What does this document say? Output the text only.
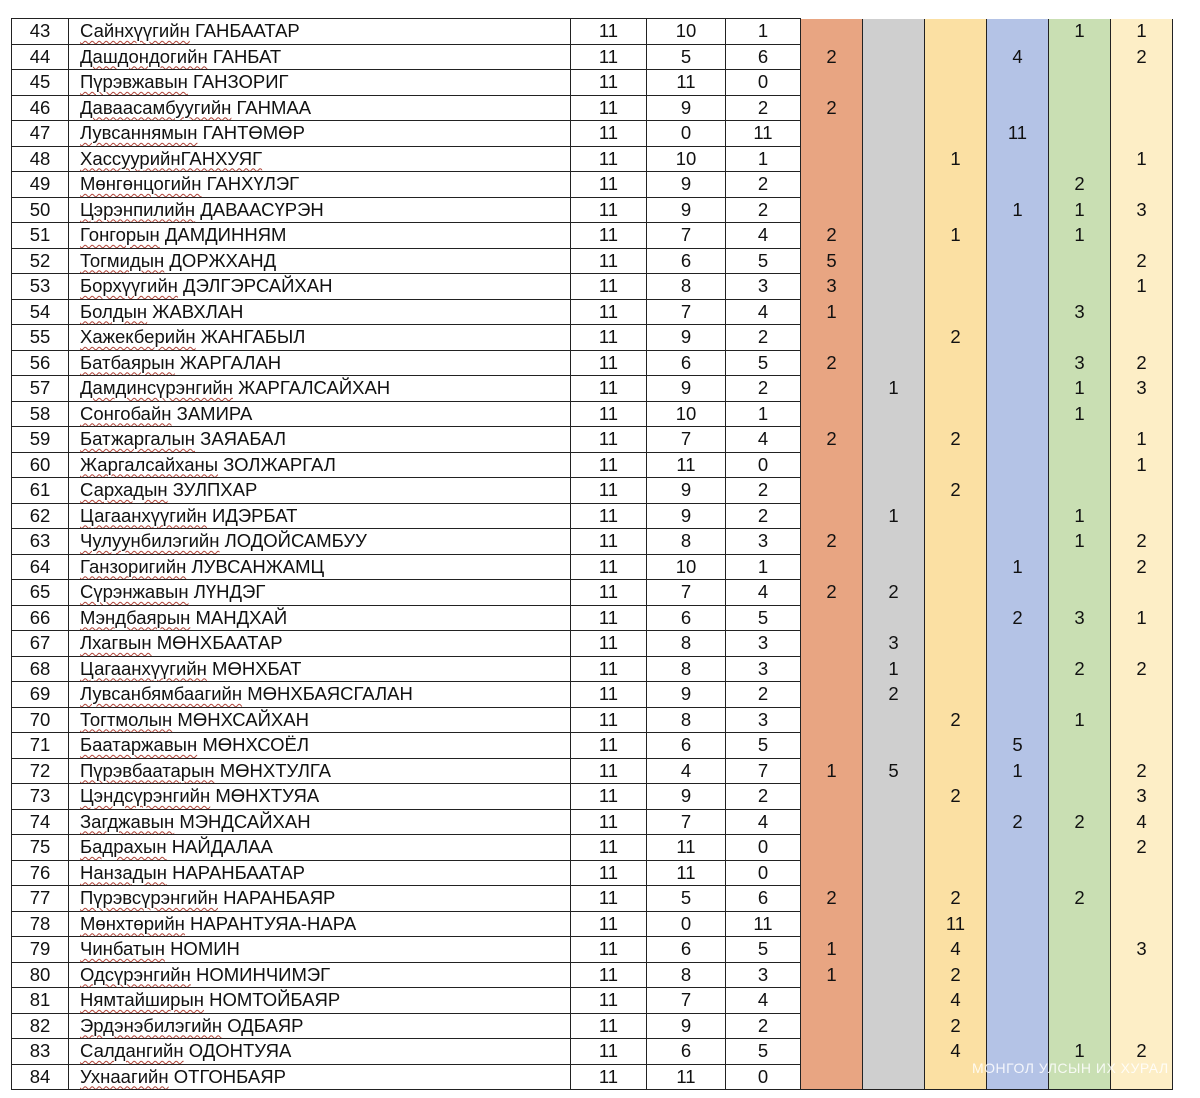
43	Сайнхүүгийн ГАНБААТАР	11	10	1					1	1
44	Дашдондогийн ГАНБАТ	11	5	6	2			4		2
45	Пүрэвжавын ГАНЗОРИГ	11	11	0						
46	Даваасамбуугийн ГАНМАА	11	9	2	2					
47	Лувсаннямын ГАНТӨМӨР	11	0	11				11		
48	ХассуурийнГАНХУЯГ	11	10	1			1			1
49	Мөнгөнцогийн ГАНХҮЛЭГ	11	9	2					2	
50	Цэрэнпилийн ДАВААСҮРЭН	11	9	2				1	1	3
51	Гонгорын ДАМДИННЯМ	11	7	4	2		1		1	
52	Тогмидын ДОРЖХАНД	11	6	5	5					2
53	Борхүүгийн ДЭЛГЭРСАЙХАН	11	8	3	3					1
54	Болдын ЖАВХЛАН	11	7	4	1				3	
55	Хажекберийн ЖАНГАБЫЛ	11	9	2			2			
56	Батбаярын ЖАРГАЛАН	11	6	5	2				3	2
57	Дамдинсүрэнгийн ЖАРГАЛСАЙХАН	11	9	2		1			1	3
58	Сонгобайн ЗАМИРА	11	10	1					1	
59	Батжаргалын ЗАЯАБАЛ	11	7	4	2		2			1
60	Жаргалсайханы ЗОЛЖАРГАЛ	11	11	0						1
61	Сархадын ЗУЛПХАР	11	9	2			2			
62	Цагаанхүүгийн ИДЭРБАТ	11	9	2		1			1	
63	Чулуунбилэгийн ЛОДОЙСАМБУУ	11	8	3	2				1	2
64	Ганзоригийн ЛУВСАНЖАМЦ	11	10	1				1		2
65	Сүрэнжавын ЛҮНДЭГ	11	7	4	2	2				
66	Мэндбаярын МАНДХАЙ	11	6	5				2	3	1
67	Лхагвын МӨНХБААТАР	11	8	3		3				
68	Цагаанхүүгийн МӨНХБАТ	11	8	3		1			2	2
69	Лувсанбямбаагийн МӨНХБАЯСГАЛАН	11	9	2		2				
70	Тогтмолын МӨНХСАЙХАН	11	8	3			2		1	
71	Баатаржавын МӨНХСОЁЛ	11	6	5				5		
72	Пүрэвбаатарын МӨНХТУЛГА	11	4	7	1	5		1		2
73	Цэндсүрэнгийн МӨНХТУЯА	11	9	2			2			3
74	Загджавын МЭНДСАЙХАН	11	7	4				2	2	4
75	Бадрахын НАЙДАЛАА	11	11	0						2
76	Нанзадын НАРАНБААТАР	11	11	0						
77	Пүрэвсүрэнгийн НАРАНБАЯР	11	5	6	2		2		2	
78	Мөнхтөрийн НАРАНТУЯА-НАРА	11	0	11			11			
79	Чинбатын НОМИН	11	6	5	1		4			3
80	Одсүрэнгийн НОМИНЧИМЭГ	11	8	3	1		2			
81	Нямтайширын НОМТОЙБАЯР	11	7	4			4			
82	Эрдэнэбилэгийн ОДБАЯР	11	9	2			2			
83	Салдангийн ОДОНТУЯА	11	6	5			4		1	2
84	Ухнаагийн ОТГОНБАЯР	11	11	0							МОНГОЛ УЛСЫН ИХ ХУРАЛ
